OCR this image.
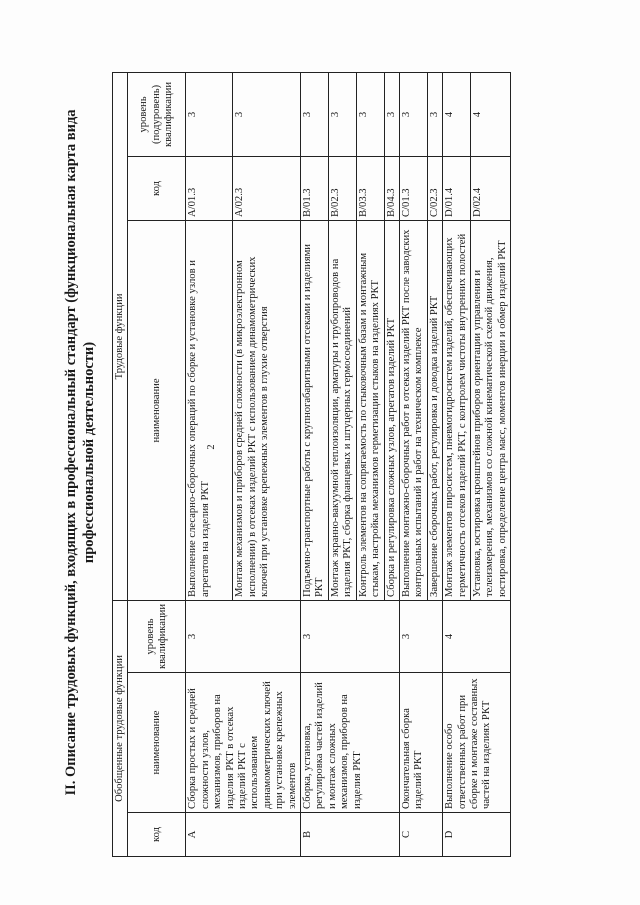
2
II. Описание трудовых функций, входящих в профессиональный стандарт (функциональная карта вида профессиональной деятельности)
Обобщенные трудовые функции			Трудовые функции		
код	наименование	уровень квалификации	наименование	код	уровень (подуровень) квалификации
A	Сборка простых и средней сложности узлов, механизмов, приборов на изделия РКТ в отсеках изделий РКТ с использованием динамометрических ключей при установке крепежных элементов	3	Выполнение слесарно-сборочных операций по сборке и установке узлов и агрегатов на изделия РКТ	A/01.3	3
			Монтаж механизмов и приборов средней сложности (в микроэлектронном исполнении) в отсеках изделий РКТ с использованием динамометрических ключей при установке крепежных элементов в глухие отверстия	A/02.3	3
B	Сборка, установка, регулировка частей изделий и монтаж сложных механизмов, приборов на изделия РКТ	3	Подъемно-транспортные работы с крупногабаритными отсеками и изделиями РКТ	B/01.3	3
			Монтаж экранно-вакуумной теплоизоляции, арматуры и трубопроводов на изделия РКТ, сборка фланцевых и штуцерных гермосоединений	B/02.3	3
			Контроль элементов на сопрягаемость по стыковочным базам и монтажным стыкам, настройка механизмов герметизации стыков на изделиях РКТ	B/03.3	3
			Сборка и регулировка сложных узлов, агрегатов изделий РКТ	B/04.3	3
C	Окончательная сборка изделий РКТ	3	Выполнение монтажно-сборочных работ в отсеках изделий РКТ после заводских контрольных испытаний и работ на техническом комплексе	C/01.3	3
			Завершение сборочных работ, регулировка и доводка изделий РКТ	C/02.3	3
D	Выполнение особо ответственных работ при сборке и монтаже составных частей на изделиях РКТ	4	Монтаж элементов пиросистем, пневмогидросистем изделий, обеспечивающих герметичность отсеков изделий РКТ, с контролем чистоты внутренних полостей	D/01.4	4
			Установка, юстировка кронштейнов приборов ориентации управления и телеизмерения, механизмов со сложной кинематической схемой движения, юстировка, определение центра масс, моментов инерции и обмер изделий РКТ	D/02.4	4
